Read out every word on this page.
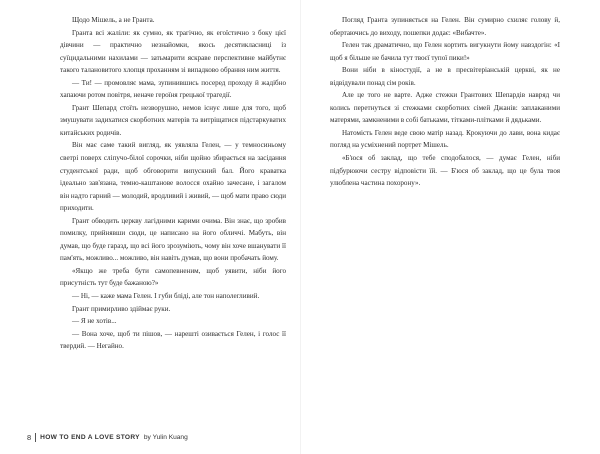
Щодо Мішель, а не Гранта.

Гранта всі жаліли: як сумно, як трагічно, як егоїстично з боку цієї дівчини — практично незнайомки, якось десятикласниці із суїцидальними нахилами — затьмарити яскраве перспективне майбутнє такого талановитого хлопця проханням зі випадково обрання ним життя.

— Ти! — промовляє мама, зупинившись посеред проходу й жадібно хапаючи ротом повітря, неначе героїня грецької трагедії.

Грант Шепард стоїть незворушно, немов існує лише для того, щоб змушувати задихатися скорботних матерів та витріщатися підстаркуватих китайських родичів.

Він має саме такий вигляд, як уявляла Гелен, — у темносиньому светрі поверх сліпучо-білої сорочки, ніби щойно збирається на засідання студентської ради, щоб обговорити випускний бал. Його краватка ідеально зав'язана, темно-каштанове волосся охайно зачесане, і загалом він надто гарний — молодий, вродливий і живий, — щоб мати право сюди приходити.

Грант обводить церкву лагідними карими очима. Він знає, що зробив помилку, прийнявши сюди, це написано на його обличчі. Мабуть, він думав, що буде гаразд, що всі його зрозуміють, чому він хоче вшанувати її пам'ять, можливо... можливо, він навіть думав, що вони пробачать йому.

«Якщо же треба бути самопевненим, щоб уявити, ніби його присутність тут буде бажаною?»

— Ні, — каже мама Гелен. І губи блідi, але тон наполегливий.

Грант примирливо здіймає руки.

— Я не хотів...

— Вона хоче, щоб ти пішов, — нарешті озивається Гелен, і голос її твердий. — Негайно.

Погляд Гранта зупиняється на Гелен. Він сумирно схиляє голову й, обертаючись до виходу, пошепки додає: «Вибачте».

Гелен так драматично, що Гелен кортить вигукнути йому навздогін: «І щоб я більше не бачила тут твоєї тупої пики!»

Вони ніби в кіностудії, а не в пресвітеріанській церкві, як не відвідували понад сім років.

Але це того не варте. Адже стежки Грантових Шепардів навряд чи колись перетнуться зі стежками скорботних сімей Джанів: заплаканими матерями, замкненими в собі батьками, тітками-плітками й дядьками.

Натомість Гелен веде свою матір назад. Крокуючи до лави, вона кидає погляд на усміхнений портрет Мішель.

«Б'юся об заклад, що тебе сподобалося, — думає Гелен, ніби підбурюючи сестру відповісти їй. — Б'юся об заклад, що це була твоя улюблена частина похорону».

8 HOW TO END A LOVE STORY by Yulin Kuang
